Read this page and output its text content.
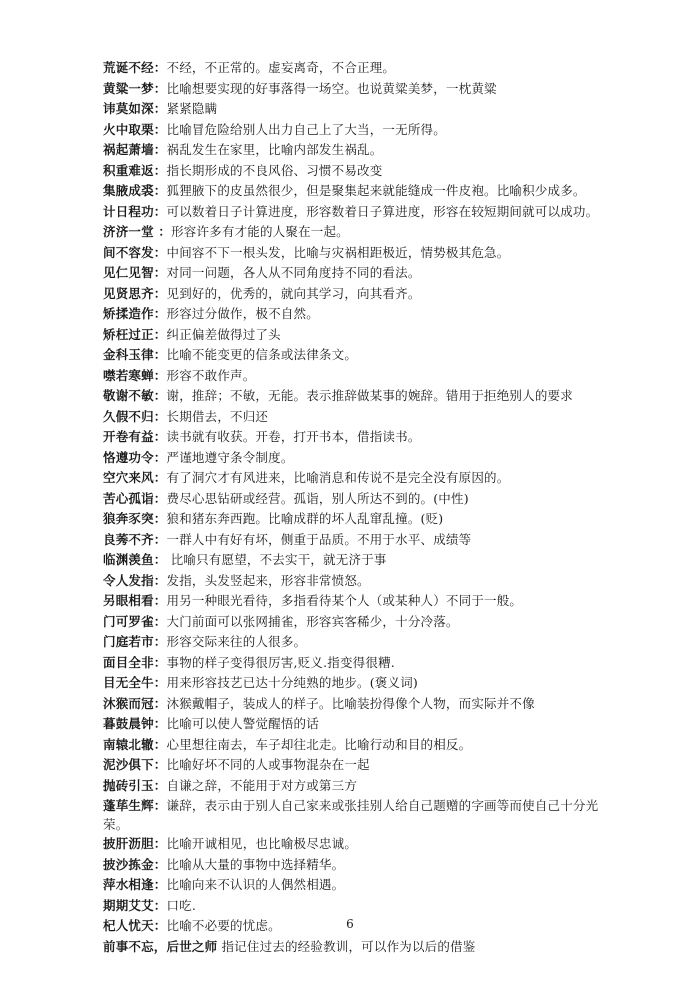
荒诞不经：不经，不正常的。虚妄离奇，不合正理。

黄粱一梦：比喻想要实现的好事落得一场空。也说黄粱美梦，一枕黄粱

讳莫如深：紧紧隐瞒

火中取栗：比喻冒危险给别人出力自己上了大当，一无所得。

祸起萧墙：祸乱发生在家里，比喻内部发生祸乱。

积重难返：指长期形成的不良风俗、习惯不易改变

集腋成裘：狐狸腋下的皮虽然很少，但是聚集起来就能缝成一件皮袍。比喻积少成多。

计日程功：可以数着日子计算进度，形容数着日子算进度，形容在较短期间就可以成功。

济济一堂 ：形容许多有才能的人聚在一起。

间不容发：中间容不下一根头发，比喻与灾祸相距极近，情势极其危急。

见仁见智：对同一问题，各人从不同角度持不同的看法。

见贤思齐：见到好的，优秀的，就向其学习，向其看齐。

矫揉造作：形容过分做作，极不自然。

矫枉过正：纠正偏差做得过了头

金科玉律：比喻不能变更的信条或法律条文。

噤若寒蝉：形容不敢作声。

敬谢不敏：谢，推辞；不敏，无能。表示推辞做某事的婉辞。错用于拒绝别人的要求

久假不归：长期借去，不归还

开卷有益：读书就有收获。开卷，打开书本，借指读书。

恪遵功令：严谨地遵守条令制度。

空穴来风：有了洞穴才有风进来，比喻消息和传说不是完全没有原因的。

苦心孤诣：费尽心思钻研或经营。孤诣，别人所达不到的。(中性)

狼奔豕突：狼和猪东奔西跑。比喻成群的坏人乱窜乱撞。(贬)

良莠不齐：一群人中有好有坏，侧重于品质。不用于水平、成绩等

临渊羡鱼： 比喻只有愿望，不去实干，就无济于事

令人发指：发指，头发竖起来，形容非常愤怒。

另眼相看：用另一种眼光看待，多指看待某个人（或某种人）不同于一般。

门可罗雀：大门前面可以张网捕雀，形容宾客稀少，十分冷落。

门庭若市：形容交际来往的人很多。

面目全非：事物的样子变得很厉害,贬义.指变得很糟.

目无全牛：用来形容技艺已达十分纯熟的地步。(褒义词)

沐猴而冠：沐猴戴帽子，装成人的样子。比喻装扮得像个人物，而实际并不像

暮鼓晨钟：比喻可以使人警觉醒悟的话

南辕北辙：心里想往南去，车子却往北走。比喻行动和目的相反。

泥沙俱下：比喻好坏不同的人或事物混杂在一起

抛砖引玉：自谦之辞，不能用于对方或第三方

蓬荜生辉：谦辞，表示由于别人自己家来或张挂别人给自己题赠的字画等而使自己十分光荣。

披肝沥胆：比喻开诚相见，也比喻极尽忠诚。

披沙拣金：比喻从大量的事物中选择精华。

萍水相逢：比喻向来不认识的人偶然相遇。

期期艾艾：口吃.

杞人忧天：比喻不必要的忧虑。

前事不忘，后世之师 指记住过去的经验教训，可以作为以后的借鉴

6
